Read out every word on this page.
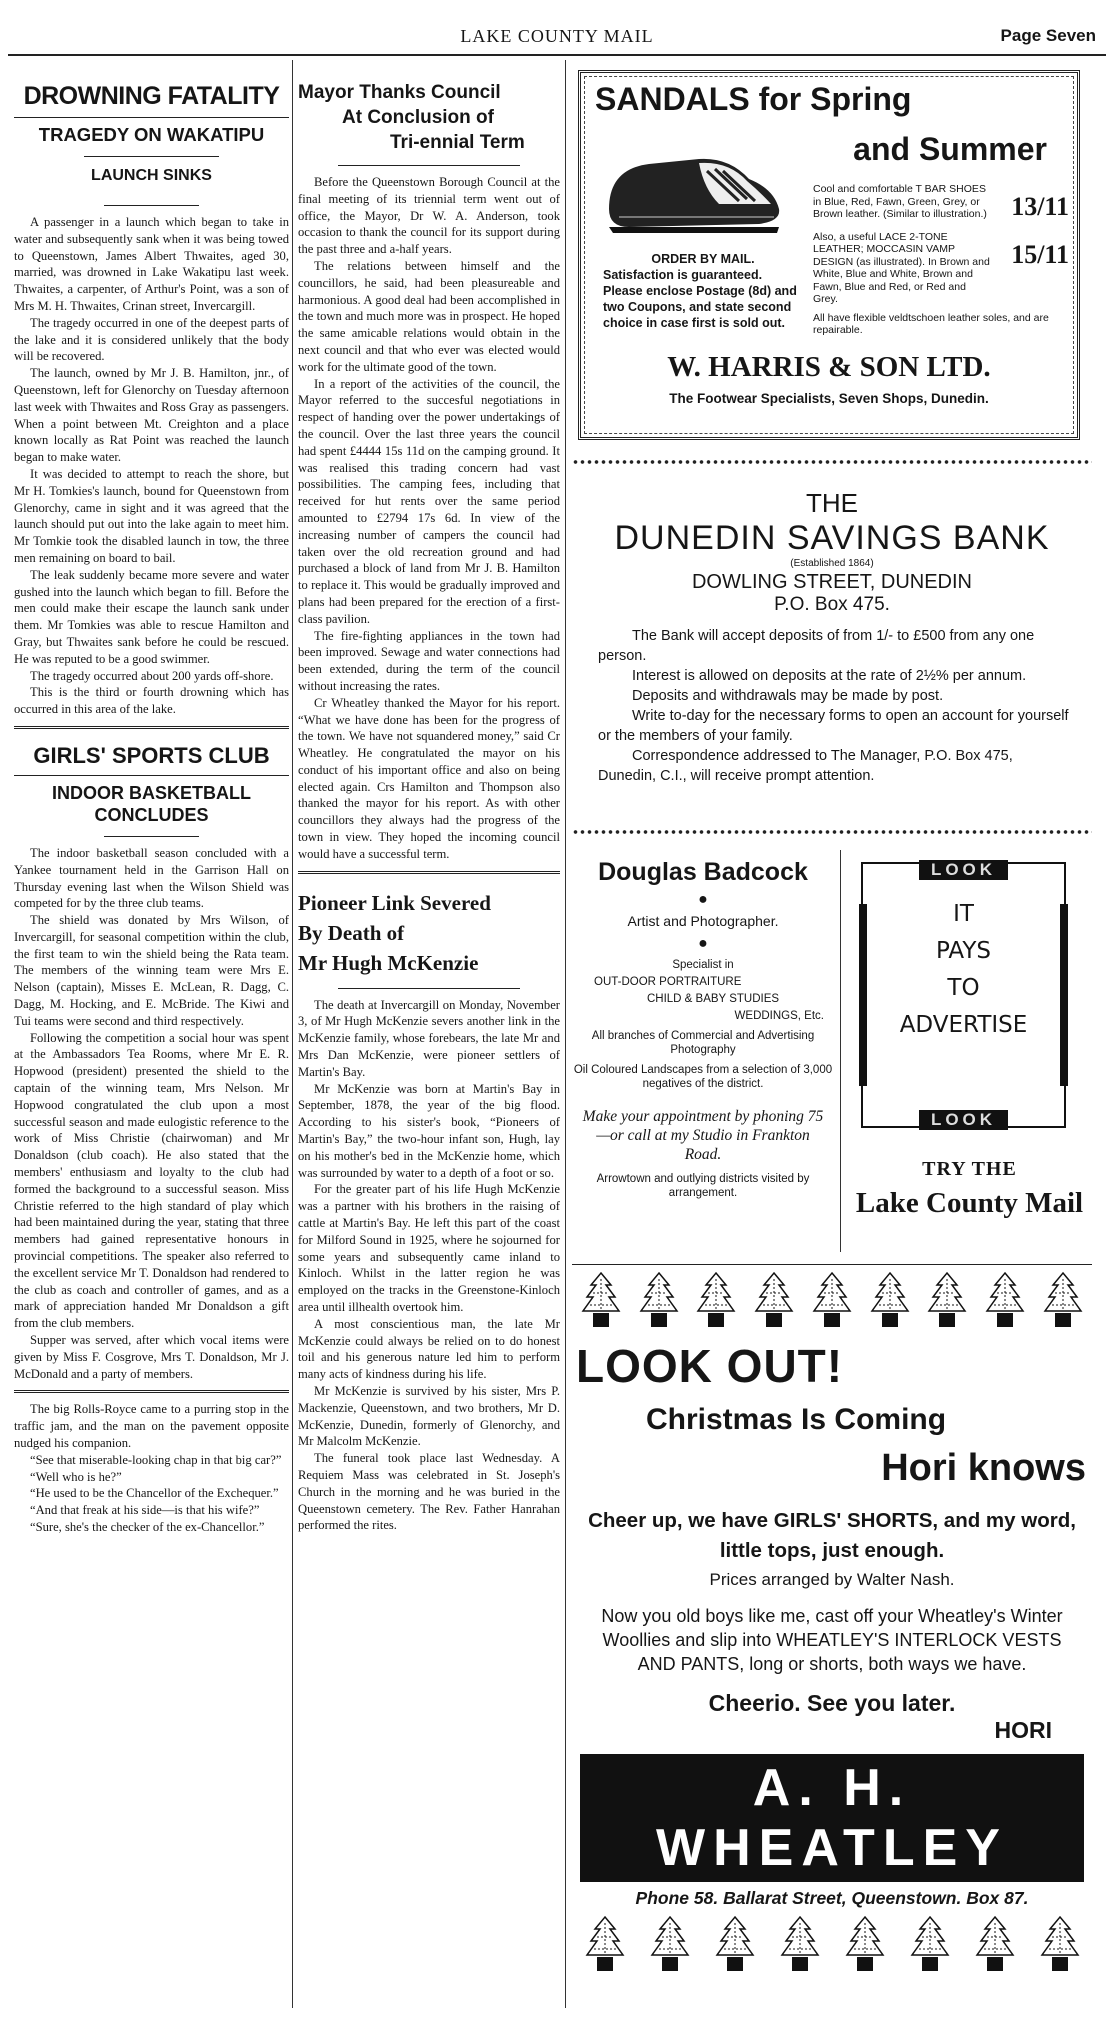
LAKE COUNTY MAIL	Page Seven
DROWNING FATALITY
TRAGEDY ON WAKATIPU
LAUNCH SINKS

A passenger in a launch which began to take in water and subsequently sank when it was being towed to Queenstown, James Albert Thwaites, aged 30, married, was drowned in Lake Wakatipu last week. Thwaites, a carpenter, of Arthur's Point, was a son of Mrs M. H. Thwaites, Crinan street, Invercargill.

The tragedy occurred in one of the deepest parts of the lake and it is considered unlikely that the body will be recovered.

The launch, owned by Mr J. B. Hamilton, jnr., of Queenstown, left for Glenorchy on Tuesday afternoon last week with Thwaites and Ross Gray as passengers. When a point between Mt. Creighton and a place known locally as Rat Point was reached the launch began to make water.

It was decided to attempt to reach the shore, but Mr H. Tomkies's launch, bound for Queenstown from Glenorchy, came in sight and it was agreed that the launch should put out into the lake again to meet him. Mr Tomkie took the disabled launch in tow, the three men remaining on board to bail.

The leak suddenly became more severe and water gushed into the launch which began to fill. Before the men could make their escape the launch sank under them. Mr Tomkies was able to rescue Hamilton and Gray, but Thwaites sank before he could be rescued. He was reputed to be a good swimmer.

The tragedy occurred about 200 yards off-shore.

This is the third or fourth drowning which has occurred in this area of the lake.

GIRLS' SPORTS CLUB
INDOOR BASKETBALL CONCLUDES

The indoor basketball season concluded with a Yankee tournament held in the Garrison Hall on Thursday evening last when the Wilson Shield was competed for by the three club teams.

The shield was donated by Mrs Wilson, of Invercargill, for seasonal competition within the club, the first team to win the shield being the Rata team. The members of the winning team were Mrs E. Nelson (captain), Misses E. McLean, R. Dagg, C. Dagg, M. Hocking, and E. McBride. The Kiwi and Tui teams were second and third respectively.

Following the competition a social hour was spent at the Ambassadors Tea Rooms, where Mr E. R. Hopwood (president) presented the shield to the captain of the winning team, Mrs Nelson. Mr Hopwood congratulated the club upon a most successful season and made eulogistic reference to the work of Miss Christie (chairwoman) and Mr Donaldson (club coach). He also stated that the members' enthusiasm and loyalty to the club had formed the background to a successful season. Miss Christie referred to the high standard of play which had been maintained during the year, stating that three members had gained representative honours in provincial competitions. The speaker also referred to the excellent service Mr T. Donaldson had rendered to the club as coach and controller of games, and as a mark of appreciation handed Mr Donaldson a gift from the club members.

Supper was served, after which vocal items were given by Miss F. Cosgrove, Mrs T. Donaldson, Mr J. McDonald and a party of members.

The big Rolls-Royce came to a purring stop in the traffic jam, and the man on the pavement opposite nudged his companion.

“See that miserable-looking chap in that big car?”

“Well who is he?”

“He used to be the Chancellor of the Exchequer.”

“And that freak at his side—is that his wife?”

“Sure, she's the checker of the ex-Chancellor.”

Mayor Thanks Council
At Conclusion of
Tri-ennial Term

Before the Queenstown Borough Council at the final meeting of its triennial term went out of office, the Mayor, Dr W. A. Anderson, took occasion to thank the council for its support during the past three and a-half years.

The relations between himself and the councillors, he said, had been pleasureable and harmonious. A good deal had been accomplished in the town and much more was in prospect. He hoped the same amicable relations would obtain in the next council and that who ever was elected would work for the ultimate good of the town.

In a report of the activities of the council, the Mayor referred to the succesful negotiations in respect of handing over the power undertakings of the council. Over the last three years the council had spent £4444 15s 11d on the camping ground. It was realised this trading concern had vast possibilities. The camping fees, including that received for hut rents over the same period amounted to £2794 17s 6d. In view of the increasing number of campers the council had taken over the old recreation ground and had purchased a block of land from Mr J. B. Hamilton to replace it. This would be gradually improved and plans had been prepared for the erection of a first-class pavilion.

The fire-fighting appliances in the town had been improved. Sewage and water connections had been extended, during the term of the council without increasing the rates.

Cr Wheatley thanked the Mayor for his report. “What we have done has been for the progress of the town. We have not squandered money,” said Cr Wheatley. He congratulated the mayor on his conduct of his important office and also on being elected again. Crs Hamilton and Thompson also thanked the mayor for his report. As with other councillors they always had the progress of the town in view. They hoped the incoming council would have a successful term.

Pioneer Link Severed
By Death of
Mr Hugh McKenzie

The death at Invercargill on Monday, November 3, of Mr Hugh McKenzie severs another link in the McKenzie family, whose forebears, the late Mr and Mrs Dan McKenzie, were pioneer settlers of Martin's Bay.

Mr McKenzie was born at Martin's Bay in September, 1878, the year of the big flood. According to his sister's book, “Pioneers of Martin's Bay,” the two-hour infant son, Hugh, lay on his mother's bed in the McKenzie home, which was surrounded by water to a depth of a foot or so.

For the greater part of his life Hugh McKenzie was a partner with his brothers in the raising of cattle at Martin's Bay. He left this part of the coast for Milford Sound in 1925, where he sojourned for some years and subsequently came inland to Kinloch. Whilst in the latter region he was employed on the tracks in the Greenstone-Kinloch area until illhealth overtook him.

A most conscientious man, the late Mr McKenzie could always be relied on to do honest toil and his generous nature led him to perform many acts of kindness during his life.

Mr McKenzie is survived by his sister, Mrs P. Mackenzie, Queenstown, and two brothers, Mr D. McKenzie, Dunedin, formerly of Glenorchy, and Mr Malcolm McKenzie.

The funeral took place last Wednesday. A Requiem Mass was celebrated in St. Joseph's Church in the morning and he was buried in the Queenstown cemetery. The Rev. Father Hanrahan performed the rites.

SANDALS for Spring
and Summer
ORDER BY MAIL.
Satisfaction is guaranteed. Please enclose Postage (8d) and two Coupons, and state second choice in case first is sold out.
Cool and comfortable T BAR SHOES in Blue, Red, Fawn, Green, Grey, or Brown leather. (Similar to illustration.) 13/11
Also, a useful LACE 2-TONE LEATHER; MOCCASIN VAMP DESIGN (as illustrated). In Brown and White, Blue and White, Brown and Fawn, Blue and Red, or Red and Grey.
15/11
All have flexible veldtschoen leather soles, and are repairable.
W. HARRIS & SON LTD.
The Footwear Specialists, Seven Shops, Dunedin.
THE
DUNEDIN SAVINGS BANK
(Established 1864)
DOWLING STREET, DUNEDIN
P.O. Box 475.
The Bank will accept deposits of from 1/- to £500 from any one person.
Interest is allowed on deposits at the rate of 2½% per annum.
Deposits and withdrawals may be made by post.
Write to-day for the necessary forms to open an account for yourself or the members of your family.
Correspondence addressed to The Manager, P.O. Box 475, Dunedin, C.I., will receive prompt attention.
Douglas Badcock
●
Artist and Photographer.
●
Specialist in
OUT-DOOR PORTRAITURE
CHILD & BABY STUDIES
WEDDINGS, Etc.
All branches of Commercial and Advertising Photography
Oil Coloured Landscapes from a selection of 3,000 negatives of the district.
Make your appointment by phoning 75—or call at my Studio in Frankton Road.
Arrowtown and outlying districts visited by arrangement.
LOOK
IT
PAYS
TO
ADVERTISE
LOOK
TRY THE
Lake County Mail
LOOK OUT!
Christmas Is Coming
Hori knows
Cheer up, we have GIRLS' SHORTS, and my word, little tops, just enough.
Prices arranged by Walter Nash.
Now you old boys like me, cast off your Wheatley's Winter Woollies and slip into WHEATLEY'S INTERLOCK VESTS AND PANTS, long or shorts, both ways we have.
Cheerio. See you later.
HORI
A. H. WHEATLEY
Phone 58. Ballarat Street, Queenstown. Box 87.
